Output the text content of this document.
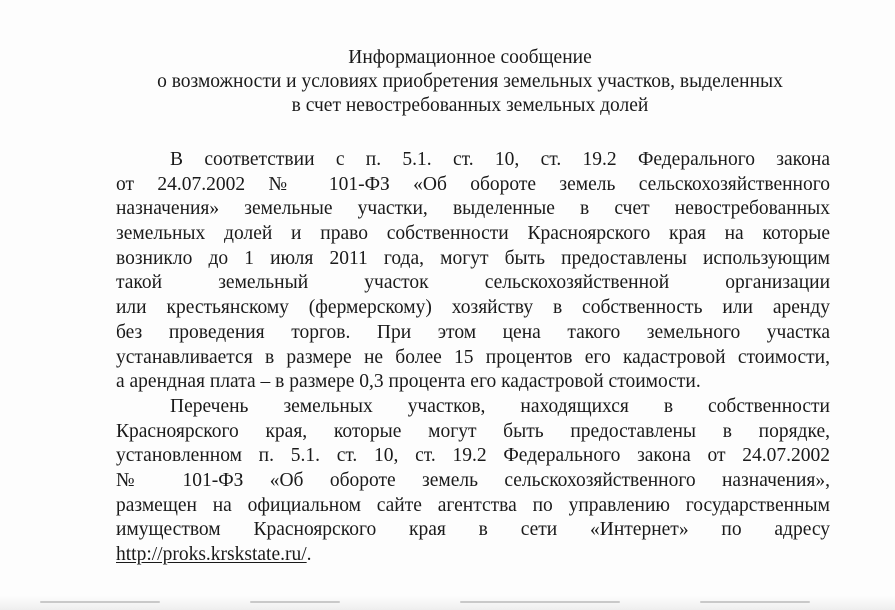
Информационное сообщение
о возможности и условиях приобретения земельных участков, выделенных
в счет невостребованных земельных долей
В соответствии с п. 5.1. ст. 10, ст. 19.2 Федерального закона
от 24.07.2002 № 101-ФЗ «Об обороте земель сельскохозяйственного
назначения» земельные участки, выделенные в счет невостребованных
земельных долей и право собственности Красноярского края на которые
возникло до 1 июля 2011 года, могут быть предоставлены использующим
такой земельный участок сельскохозяйственной организации
или крестьянскому (фермерскому) хозяйству в собственность или аренду
без проведения торгов. При этом цена такого земельного участка
устанавливается в размере не более 15 процентов его кадастровой стоимости,
а арендная плата – в размере 0,3 процента его кадастровой стоимости.
Перечень земельных участков, находящихся в собственности
Красноярского края, которые могут быть предоставлены в порядке,
установленном п. 5.1. ст. 10, ст. 19.2 Федерального закона от 24.07.2002
№ 101-ФЗ «Об обороте земель сельскохозяйственного назначения»,
размещен на официальном сайте агентства по управлению государственным
имуществом Красноярского края в сети «Интернет» по адресу
http://proks.krskstate.ru/.
